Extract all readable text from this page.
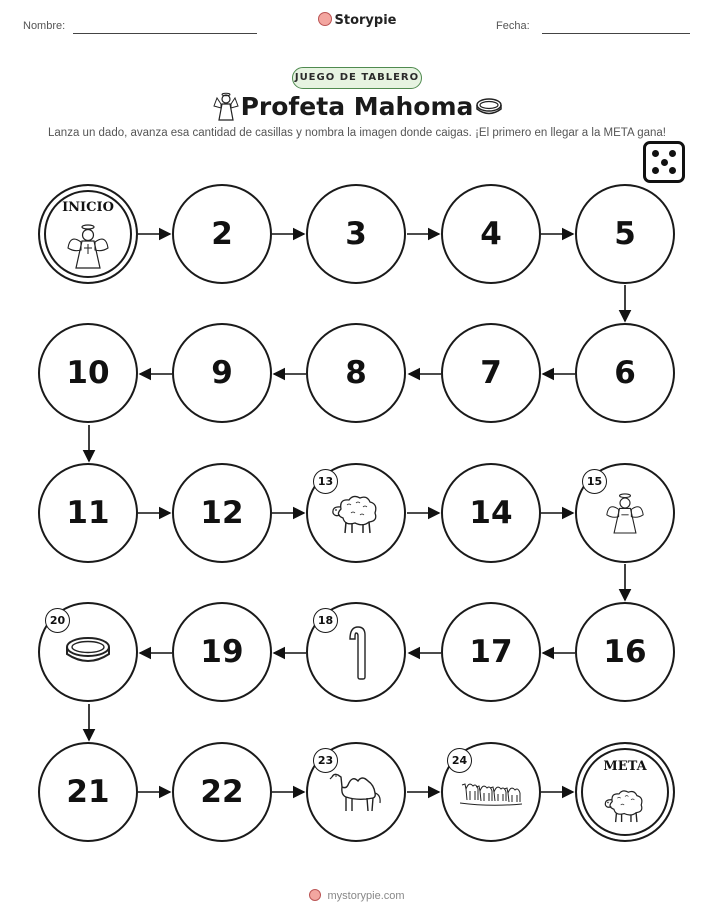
Nombre:	Storypie	Fecha:
JUEGO DE TABLERO
Profeta Mahoma
Lanza un dado, avanza esa cantidad de casillas y nombra la imagen donde caigas. ¡El primero en llegar a la META gana!
INICIO
2	3	4	5
10	9	8	7	6
11	12
13
14
15
20
19
18
17	16
21	22
23	24	META
mystorypie.com
